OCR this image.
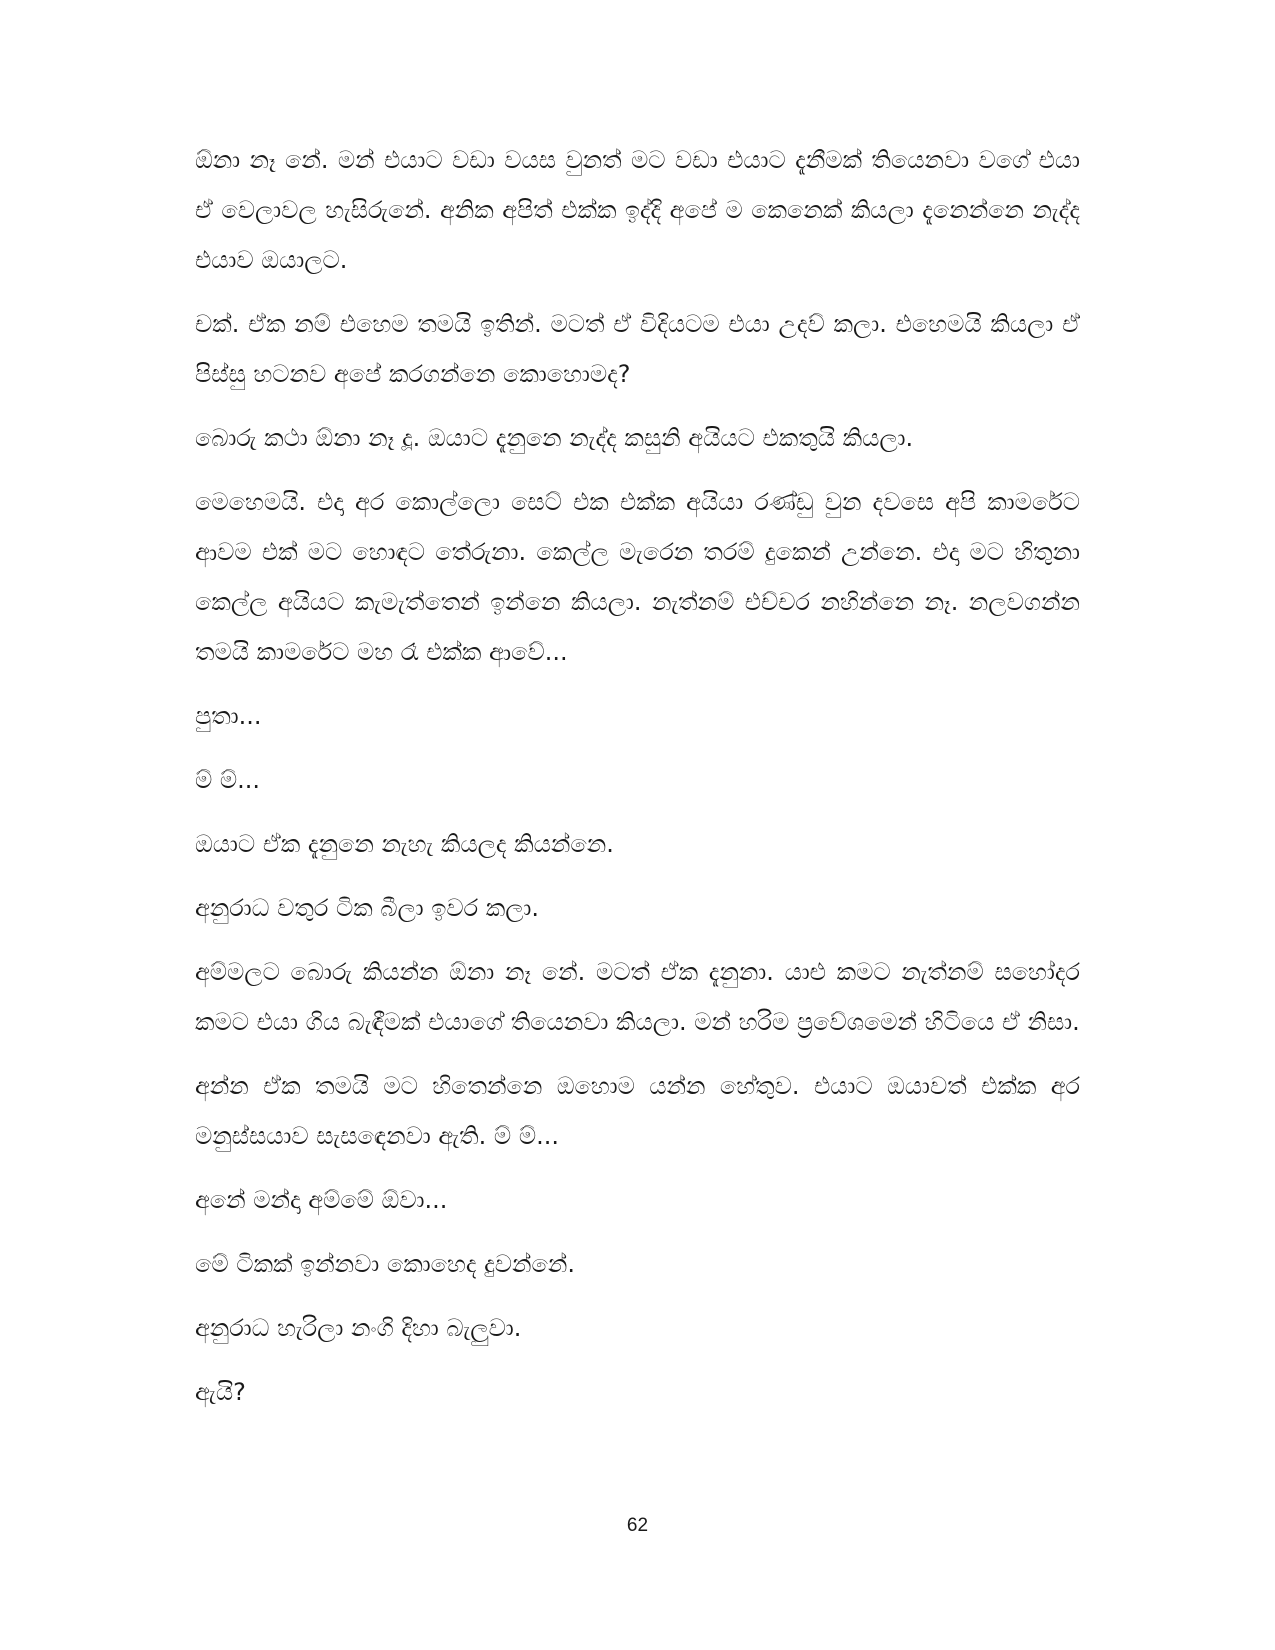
ඕනා නෑ නේ. මන් එයාට වඩා වයස වුනත් මට වඩා එයාට දැනීමක් තියෙනවා වගේ එයා ඒ වෙලාවල හැසිරුනේ. අනික අපිත් එක්ක ඉද්දි අපේ ම කෙනෙක් කියලා දැනෙන්නෙ නැද්ද එයාව ඔයාලට.

චක්. ඒක නම් එහෙම තමයි ඉතින්. මටත් ඒ විදියටම එයා උදව් කලා. එහෙමයි කියලා ඒ පිස්සු හටනව අපේ කරගන්නෙ කොහොමද?

බොරු කථා ඕනා නෑ දූ. ඔයාට දැනුනෙ නැද්ද කසුනි අයියට එකතුයි කියලා.

මෙහෙමයි. එදා අර කොල්ලො සෙට් එක එක්ක අයියා රණ්ඩු වුන දවසෙ අපි කාමරේට ආවම එක් මට හොඳට තේරුනා. කෙල්ල මැරෙන තරම් දුකෙන් උන්නෙ. එදා මට හිතුනා කෙල්ල අයියට කැමැත්තෙන් ඉන්නෙ කියලා. නැත්නම් එච්චර නහින්නෙ නෑ. නලවගන්න තමයි කාමරේට මහ රෑ එක්ක ආවේ...

පුතා...

ම් ම්...

ඔයාට ඒක දැනුනෙ නැහැ කියලද කියන්නෙ.

අනුරාධ වතුර ටික බීලා ඉවර කලා.

අම්මලට බොරු කියන්න ඕනා නෑ නේ. මටත් ඒක දැනුනා. යාළු කමට නැත්නම් සහෝදර කමට එයා ගිය බැඳීමක් එයාගේ තියෙනවා කියලා. මන් හරිම ප්‍රවේශමෙන් හිටියෙ ඒ නිසා.

අන්න ඒක තමයි මට හිතෙන්නෙ ඔහොම යන්න හේතුව. එයාට ඔයාවත් එක්ක අර මනුස්සයාව සැසඳෙනවා ඇති. ම් ම්...

අනේ මන්දා අම්මේ ඕවා...

මේ ටිකක් ඉන්නවා කොහෙද දුවන්නේ.

අනුරාධ හැරිලා නංගි දිහා බැලුවා.

ඇයි?

62
